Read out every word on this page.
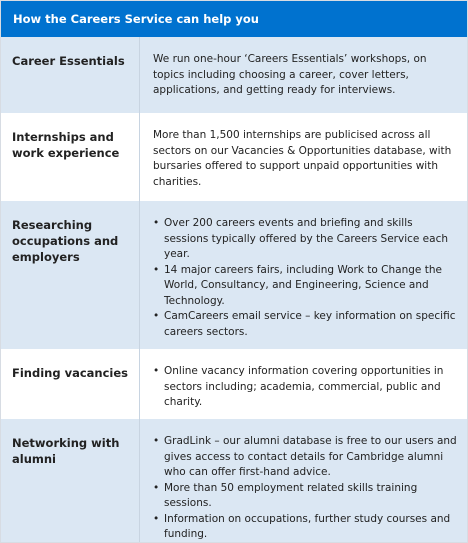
How the Careers Service can help you
Career Essentials	We run one-hour ‘Careers Essentials’ workshops, on topics including choosing a career, cover letters, applications, and getting ready for interviews.

Internships and work experience

More than 1,500 internships are publicised across all sectors on our Vacancies & Opportunities database, with bursaries offered to support unpaid opportunities with charities.

Researching occupations and employers
• Over 200 careers events and briefing and skills sessions typically offered by the Careers Service each year.
• 14 major careers fairs, including Work to Change the World, Consultancy, and Engineering, Science and Technology.
• CamCareers email service – key information on specific careers sectors.
Finding vacancies
•	Online vacancy information covering opportunities in sectors including; academia, commercial, public and charity.
Networking with alumni
• GradLink – our alumni database is free to our users and gives access to contact details for Cambridge alumni who can offer first-hand advice.
• More than 50 employment related skills training sessions.
• Information on occupations, further study courses and funding.
